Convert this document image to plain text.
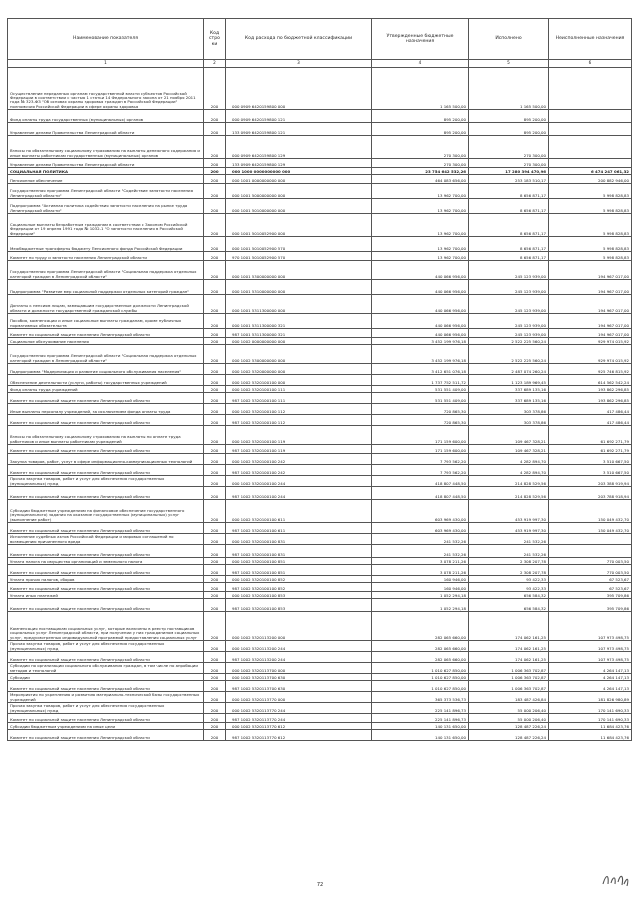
Наименование показателя	Код стро ки	Код расхода по бюджетной классификации	Утвержденные бюджетные назначения	Исполнено	Неисполненные назначения
1	2	3	4	5	6
Осуществление переданных органам государственной власти субъектов Российской Федерации в соответствии с частью 1 статьи 14 Федерального закона от 21 ноября 2011 года № 323-ФЗ "Об основах охраны здоровья граждан в Российской Федерации" полномочия Российской Федерации в сфере охраны здоровья	200	000 0909 6420159800 000	1 165 500,00	1 165 500,00	
Фонд оплаты труда государственных (муниципальных) органов	200	000 0909 6420159800 121	895 200,00	895 200,00	
Управление делами Правительства Ленинградской области	200	133 0909 6420159800 121	895 200,00	895 200,00	
Взносы по обязательному социальному страхованию на выплаты денежного содержания и иные выплаты работникам государственных (муниципальных) органов	200	000 0909 6420159800 129	270 300,00	270 300,00	
Управление делами Правительства Ленинградской области	200	133 0909 6420159800 129	270 300,00	270 300,00	
СОЦИАЛЬНАЯ ПОЛИТИКА	200	000 1000 0000000000 000	23 754 642 532,26	17 280 394 470,96	6 474 247 061,32
Пенсионное обеспечение	200	000 1001 0000000000 000	464 083 656,00	253 183 510,17	200 882 946,00
Государственная программа Ленинградской области "Содействие занятости населения Ленинградской области"	200	000 1001 5000000000 000	13 962 700,00	8 656 871,17	5 998 828,83
Подпрограмма "Активная политика содействия занятости населения на рынке труда Ленинградской области"	200	000 1001 5010000000 000	13 962 700,00	8 656 871,17	5 998 828,83
Социальные выплаты безработным гражданам в соответствии с Законом Российской Федерации от 19 апреля 1991 года № 1032-1 "О занятости населения в Российской Федерации"	200	000 1001 5010052900 000	13 962 700,00	8 656 871,17	5 998 828,83
Межбюджетные трансферты бюджету Пенсионного фонда Российской Федерации	200	000 1001 5010052900 570	13 962 700,00	8 656 871,17	5 998 828,83
Комитет по труду и занятости населения Ленинградской области	200	970 1001 5010052900 570	13 962 700,00	8 656 871,17	5 998 828,83
Государственная программа Ленинградской области "Социальная поддержка отдельных категорий граждан в Ленинградской области"	200	000 1001 5300000000 000	440 066 956,00	245 123 939,00	194 967 017,00
Подпрограмма "Развитие мер социальной поддержки отдельных категорий граждан"	200	000 1001 5310000000 000	440 066 956,00	245 123 939,00	194 967 017,00
Доплаты к пенсиям лицам, замещавшим государственные должности Ленинградской области и должности государственной гражданской службы	200	000 1001 5311300000 000	440 066 956,00	245 123 939,00	194 967 017,00
Пособия, компенсации и иные социальные выплаты гражданам, кроме публичных нормативных обязательств	200	000 1001 5311300000 321	440 066 956,00	245 123 939,00	194 967 017,00
Комитет по социальной защите населения Ленинградской области	200	987 1001 5311300000 321	440 066 956,00	245 123 939,00	194 967 017,00
Социальное обслуживание населения	200	000 1002 0000000000 000	3 452 199 976,18	2 522 225 560,24	929 974 015,92
Государственная программа Ленинградской области "Социальная поддержка отдельных категорий граждан в Ленинградской области"	200	000 1002 5300000000 000	3 452 199 976,18	2 522 225 560,24	929 974 015,92
Подпрограмма "Модернизация и развитие социального обслуживания населения"	200	000 1002 5320000000 000	3 412 651 076,18	2 487 074 260,24	925 746 815,92
Обеспечение деятельности (услуги, работы) государственных учреждений	200	000 1002 5320100100 000	1 737 752 511,72	1 123 189 969,45	614 562 542,24
Фонд оплаты труда учреждений	200	000 1002 5320100100 111	531 551 409,00	337 689 135,16	193 862 296,85
Комитет по социальной защите населения Ленинградской области	200	987 1002 5320100100 111	531 551 409,00	337 689 135,16	193 862 296,85
Иные выплаты персоналу учреждений, за исключением фонда оплаты труда	200	000 1002 5320100100 112	720 865,30	303 378,86	417 486,44
Комитет по социальной защите населения Ленинградской области	200	987 1002 5320100100 112	720 865,30	303 378,86	417 486,44
Взносы по обязательному социальному страхованию на выплаты по оплате труда работников и иные выплаты работникам учреждений	200	000 1002 5320100100 119	171 159 600,00	109 467 328,21	61 692 271,79
Комитет по социальной защите населения Ленинградской области	200	987 1002 5320100100 119	171 159 600,00	109 467 328,21	61 692 271,79
Закупка товаров, работ, услуг в сфере информационно-коммуникационных технологий	200	000 1002 5320100100 242	7 793 562,20	4 282 894,70	3 510 667,50
Комитет по социальной защите населения Ленинградской области	200	987 1002 5320100100 242	7 793 562,20	4 282 894,70	3 510 667,50
Прочая закупка товаров, работ и услуг для обеспечения государственных (муниципальных) нужд	200	000 1002 5320100100 244	418 807 448,50	214 828 529,56	203 388 919,94
Комитет по социальной защите населения Ленинградской области	200	987 1002 5320100100 244	418 807 448,50	214 828 529,56	203 788 918,94
Субсидии бюджетным учреждениям на финансовое обеспечение государственного (муниципального) задания на оказание государственных (муниципальных) услуг (выполнение работ)	200	000 1002 5320100100 611	603 969 430,00	453 919 997,30	150 049 432,70
Комитет по социальной защите населения Ленинградской области	200	987 1002 5320100100 611	603 969 430,00	453 919 997,30	150 049 432,70
Исполнение судебных актов Российской Федерации и мировых соглашений по возмещению причиненного вреда	200	000 1002 5320100100 831	241 532,26	241 532,26	
Комитет по социальной защите населения Ленинградской области	200	987 1002 5320100100 831	241 532,26	241 532,26	
Уплата налога на имущество организаций и земельного налога	200	000 1002 5320100100 851	3 078 211,26	2 308 207,78	770 003,50
Комитет по социальной защите населения Ленинградской области	200	987 1002 5320100100 851	3 078 211,26	2 308 207,78	770 003,50
Уплата прочих налогов, сборов	200	000 1002 5320100100 852	160 946,00	93 422,33	67 523,67
Комитет по социальной защите населения Ленинградской области	200	987 1002 5320100100 852	160 946,00	93 422,33	67 523,67
Уплата иных платежей	200	000 1002 5320100100 853	1 052 294,18	656 584,32	395 709,86
Комитет по социальной защите населения Ленинградской области	200	987 1002 5320100100 853	1 052 294,18	656 584,32	395 709,86
Компенсация поставщикам социальных услуг, которые включены в реестр поставщиков социальных услуг Ленинградской области, при получении у них гражданином социальных услуг, предусмотренных индивидуальной программой предоставления социальных услуг	200	000 1002 5320113200 000	282 065 660,00	174 062 161,25	107 973 498,75
Прочая закупка товаров, работ и услуг для обеспечения государственных (муниципальных) нужд	200	000 1002 5320113200 244	282 065 660,00	174 062 161,25	107 973 498,75
Комитет по социальной защите населения Ленинградской области	200	987 1002 5320113200 244	282 065 660,00	174 062 161,25	107 973 498,75
Субсидии по организации социального обслуживания граждан, в том числе по апробации методов и технологий	200	000 1002 5320113700 000	1 010 627 850,00	1 006 363 702,87	4 264 147,13
Субсидии	200	000 1002 5320113700 630	1 010 627 850,00	1 006 363 702,87	4 264 147,13
Комитет по социальной защите населения Ленинградской области	200	987 1002 5320113700 630	1 010 627 850,00	1 006 363 702,87	4 264 147,13
Мероприятия по укреплению и развитию материально-технической базы государственных учреждений	200	000 1002 5320113770 000	365 373 536,73	183 487 426,84	181 826 980,89
Прочая закупка товаров, работ и услуг для обеспечения государственных (муниципальных) нужд	200	000 1002 5320113770 244	225 141 896,73	55 000 206,40	170 141 690,33
Комитет по социальной защите населения Ленинградской области	200	987 1002 5320113770 244	225 141 896,73	55 000 206,40	170 141 690,33
Субсидии бюджетным учреждениям на иные цели	200	000 1002 5320113770 612	140 131 650,00	128 487 226,24	11 684 423,76
Комитет по социальной защите населения Ленинградской области	200	987 1002 5320113770 612	140 131 650,00	128 487 226,24	11 684 423,76
72
